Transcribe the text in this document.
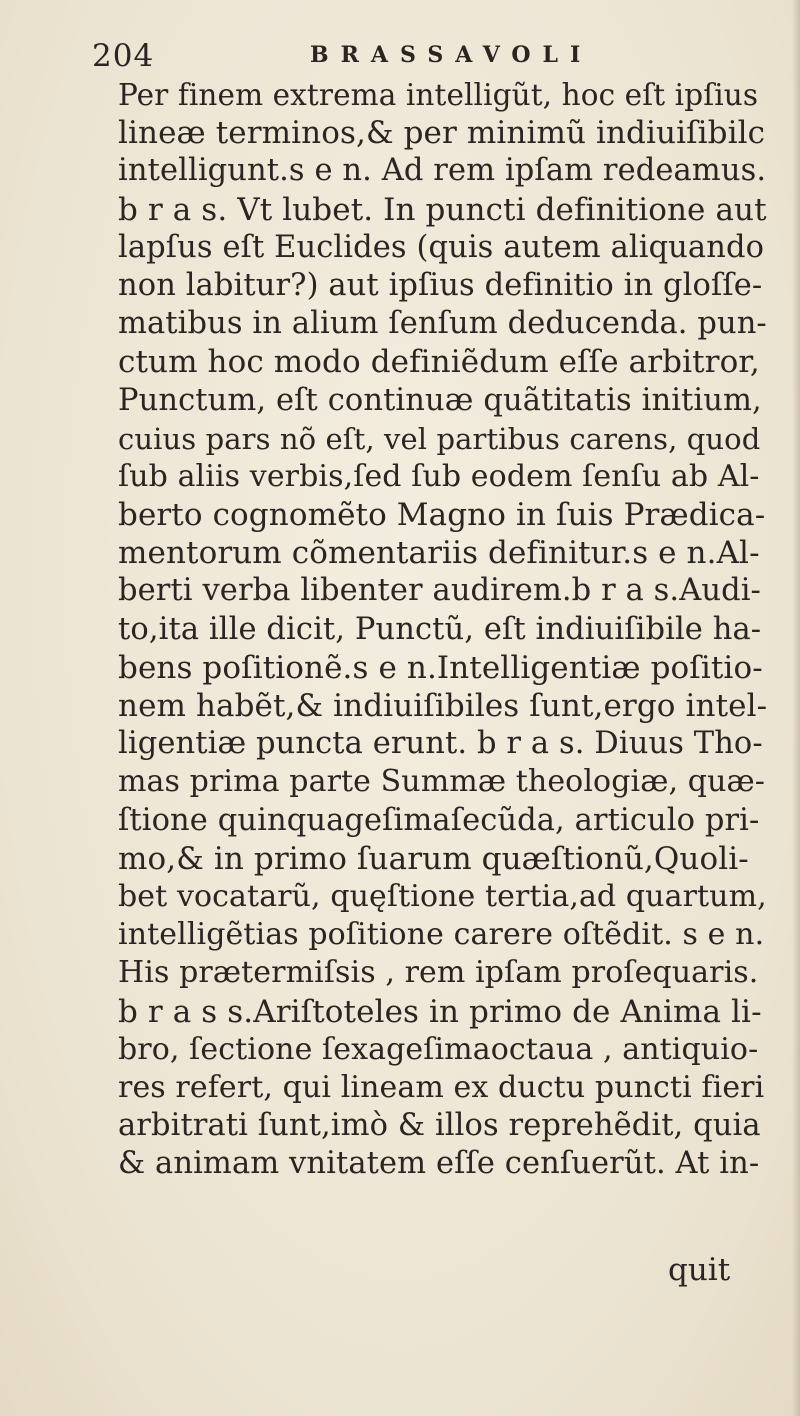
204	BRASSAVOLI
Per finem extrema intelligũt, hoc eſt ipſius
lineæ terminos,& per minimũ indiuiſibilc
intelligunt.s e n. Ad rem ipſam redeamus.
b r a s. Vt lubet. In puncti definitione aut
lapſus eſt Euclides (quis autem aliquando
non labitur?) aut ipſius definitio in gloſſe-
matibus in alium ſenſum deducenda. pun-
ctum hoc modo definiẽdum eſſe arbitror,
Punctum, eſt continuæ quãtitatis initium,
cuius pars nõ eſt, vel partibus carens, quod
ſub aliis verbis,ſed ſub eodem ſenſu ab Al-
berto cognomẽto Magno in ſuis Prædica-
mentorum cõmentariis definitur.s e n.Al-
berti verba libenter audirem.b r a s.Audi-
to,ita ille dicit, Punctũ, eſt indiuiſibile ha-
bens poſitionẽ.s e n.Intelligentiæ poſitio-
nem habẽt,& indiuiſibiles ſunt,ergo intel-
ligentiæ puncta erunt. b r a s. Diuus Tho-
mas prima parte Summæ theologiæ, quæ-
ſtione quinquageſimaſecũda, articulo pri-
mo,& in primo ſuarum quæſtionũ,Quoli-
bet vocatarũ, quęſtione tertia,ad quartum,
intelligẽtias poſitione carere oſtẽdit. s e n.
His prætermiſsis , rem ipſam proſequaris.
b r a s s.Ariſtoteles in primo de Anima li-
bro, ſectione ſexageſimaoctaua , antiquio-
res refert, qui lineam ex ductu puncti fieri
arbitrati ſunt,imò & illos reprehẽdit, quia
& animam vnitatem eſſe cenſuerũt. At in-
quit
